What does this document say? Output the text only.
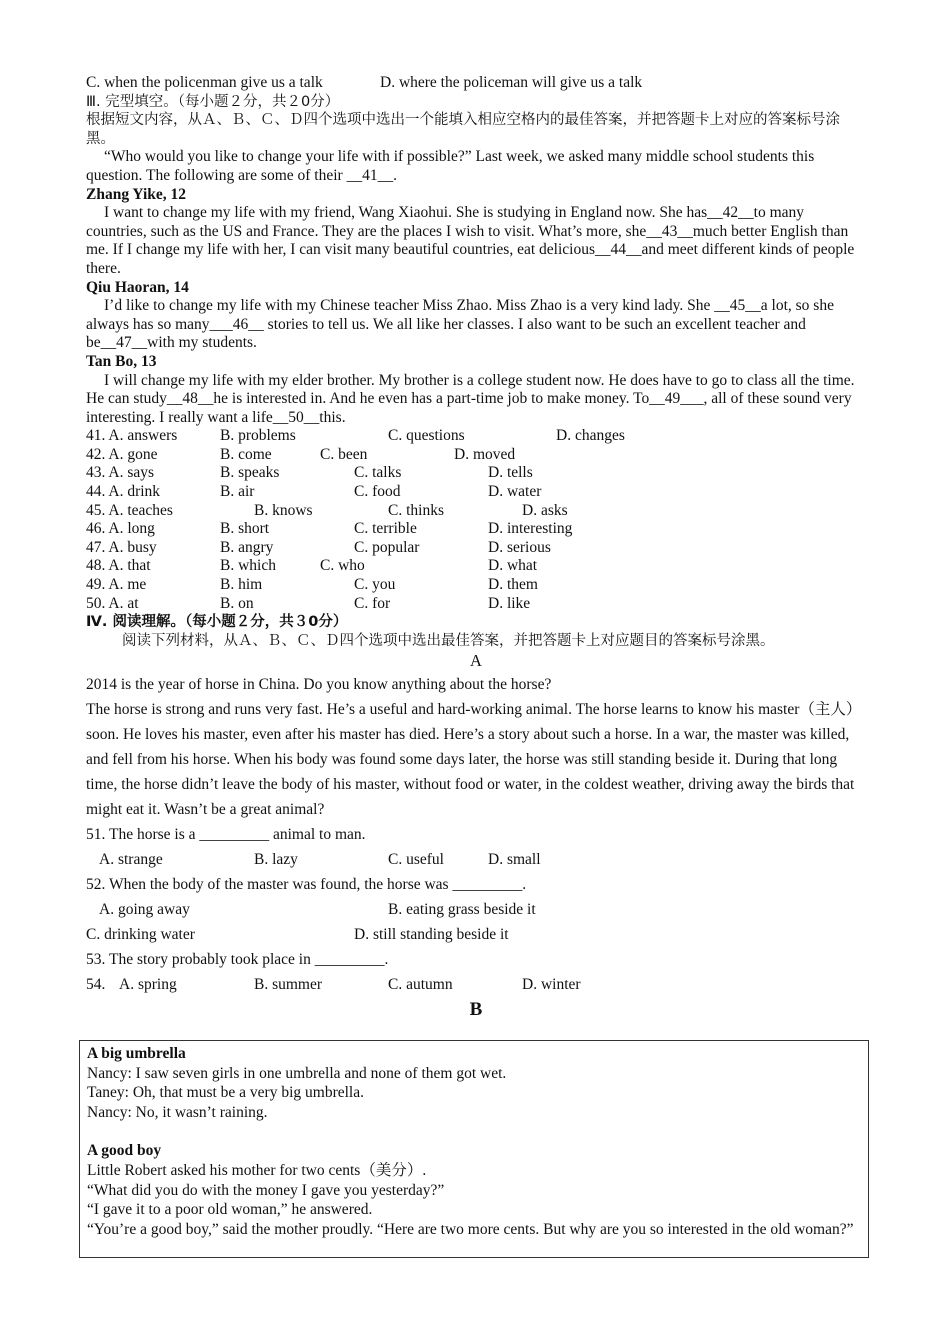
C. when the policenman give us a talk	D. where the policeman will give us a talk
Ⅲ. 完型填空。（每小题２分，共２0分）
根据短文内容，从Ａ、Ｂ、Ｃ、Ｄ四个选项中选出一个能填入相应空格内的最佳答案，并把答题卡上对应的答案标号涂黑。
“Who would you like to change your life with if possible?” Last week, we asked many middle school students this question. The following are some of their __41__.
Zhang Yike, 12
I want to change my life with my friend, Wang Xiaohui. She is studying in England now. She has__42__to many countries, such as the US and France. They are the places I wish to visit. What’s more, she__43__much better English than me. If I change my life with her, I can visit many beautiful countries, eat delicious__44__and meet different kinds of people there.
Qiu Haoran, 14
I’d like to change my life with my Chinese teacher Miss Zhao. Miss Zhao is a very kind lady. She __45__a lot, so she always has so many___46__ stories to tell us. We all like her classes. I also want to be such an excellent teacher and be__47__with my students.
Tan Bo, 13
I will change my life with my elder brother. My brother is a college student now. He does have to go to class all the time. He can study__48__he is interested in. And he even has a part-time job to make money. To__49___, all of these sound very interesting. I really want a life__50__this.
41. A. answers	B. problems	C. questions	D. changes
42. A. gone	B. come	C. been	D. moved
43. A. says	B. speaks	C. talks	D. tells
44. A. drink	B. air	C. food	D. water
45. A. teaches	B. knows	C. thinks	D. asks
46. A. long	B. short	C. terrible	D. interesting
47. A. busy	B. angry	C. popular	D. serious
48. A. that	B. which	C. who	D. what
49. A. me	B. him	C. you	D. them
50. A. at	B. on	C. for	D. like
Ⅳ. 阅读理解。（每小题２分，共３0分）
阅读下列材料，从Ａ、Ｂ、Ｃ、Ｄ四个选项中选出最佳答案，并把答题卡上对应题目的答案标号涂黑。
A
2014 is the year of horse in China. Do you know anything about the horse?
The horse is strong and runs very fast. He’s a useful and hard-working animal. The horse learns to know his master（主人） soon. He loves his master, even after his master has died. Here’s a story about such a horse. In a war, the master was killed, and fell from his horse. When his body was found some days later, the horse was still standing beside it. During that long time, the horse didn’t leave the body of his master, without food or water, in the coldest weather, driving away the birds that might eat it. Wasn’t be a great animal?
51. The horse is a _________ animal to man.
A. strange	B. lazy	C. useful	D. small
52. When the body of the master was found, the horse was _________.
A. going away	B. eating grass beside it
C. drinking water	D. still standing beside it
53. The story probably took place in _________.
54. A. spring	B. summer	C. autumn	D. winter
B
A big umbrella
Nancy: I saw seven girls in one umbrella and none of them got wet.
Taney: Oh, that must be a very big umbrella.
Nancy: No, it wasn’t raining.
A good boy
Little Robert asked his mother for two cents（美分）.
“What did you do with the money I gave you yesterday?”
“I gave it to a poor old woman,” he answered.
“You’re a good boy,” said the mother proudly. “Here are two more cents. But why are you so interested in the old woman?”
